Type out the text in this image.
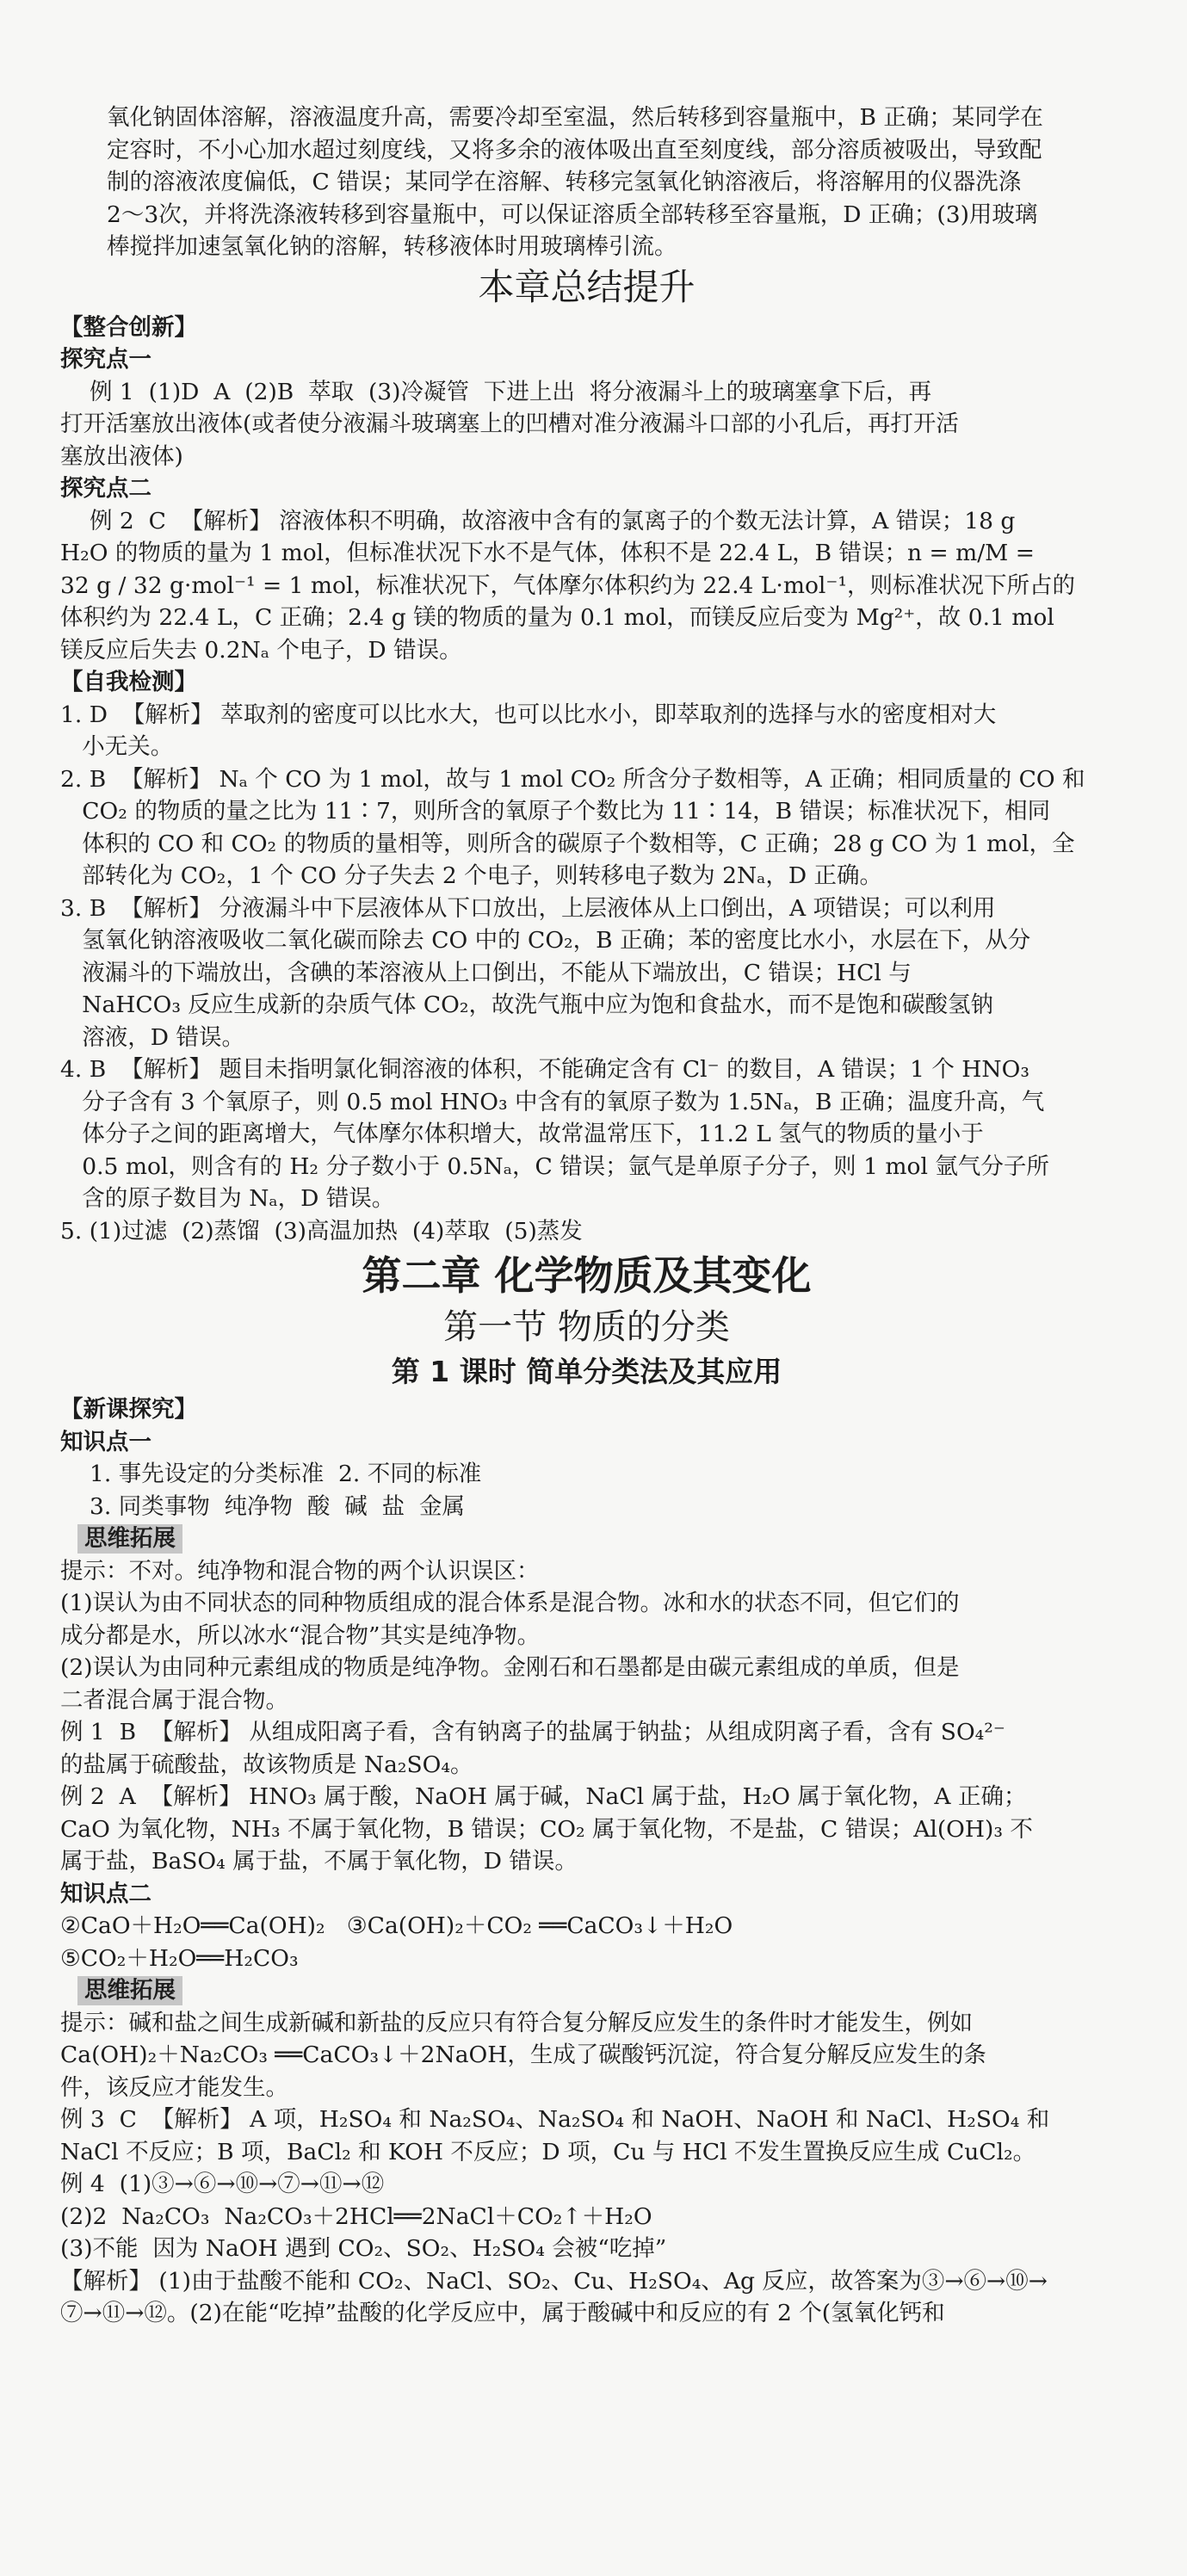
氧化钠固体溶解，溶液温度升高，需要冷却至室温，然后转移到容量瓶中，B 正确；某同学在
定容时，不小心加水超过刻度线，又将多余的液体吸出直至刻度线，部分溶质被吸出，导致配
制的溶液浓度偏低，C 错误；某同学在溶解、转移完氢氧化钠溶液后，将溶解用的仪器洗涤
2～3次，并将洗涤液转移到容量瓶中，可以保证溶质全部转移至容量瓶，D 正确；(3)用玻璃
棒搅拌加速氢氧化钠的溶解，转移液体时用玻璃棒引流。
本章总结提升
【整合创新】
探究点一
例 1  (1)D  A  (2)B  萃取  (3)冷凝管  下进上出  将分液漏斗上的玻璃塞拿下后，再
打开活塞放出液体(或者使分液漏斗玻璃塞上的凹槽对准分液漏斗口部的小孔后，再打开活
塞放出液体)
探究点二
例 2  C  【解析】 溶液体积不明确，故溶液中含有的氯离子的个数无法计算，A 错误；18 g
H₂O 的物质的量为 1 mol，但标准状况下水不是气体，体积不是 22.4 L，B 错误；n = m/M =
32 g / 32 g·mol⁻¹ = 1 mol，标准状况下，气体摩尔体积约为 22.4 L·mol⁻¹，则标准状况下所占的
体积约为 22.4 L，C 正确；2.4 g 镁的物质的量为 0.1 mol，而镁反应后变为 Mg²⁺，故 0.1 mol
镁反应后失去 0.2Nₐ 个电子，D 错误。
【自我检测】
1. D  【解析】 萃取剂的密度可以比水大，也可以比水小，即萃取剂的选择与水的密度相对大
小无关。
2. B  【解析】 Nₐ 个 CO 为 1 mol，故与 1 mol CO₂ 所含分子数相等，A 正确；相同质量的 CO 和
CO₂ 的物质的量之比为 11∶7，则所含的氧原子个数比为 11∶14，B 错误；标准状况下，相同
体积的 CO 和 CO₂ 的物质的量相等，则所含的碳原子个数相等，C 正确；28 g CO 为 1 mol，全
部转化为 CO₂，1 个 CO 分子失去 2 个电子，则转移电子数为 2Nₐ，D 正确。
3. B  【解析】 分液漏斗中下层液体从下口放出，上层液体从上口倒出，A 项错误；可以利用
氢氧化钠溶液吸收二氧化碳而除去 CO 中的 CO₂，B 正确；苯的密度比水小，水层在下，从分
液漏斗的下端放出，含碘的苯溶液从上口倒出，不能从下端放出，C 错误；HCl 与
NaHCO₃ 反应生成新的杂质气体 CO₂，故洗气瓶中应为饱和食盐水，而不是饱和碳酸氢钠
溶液，D 错误。
4. B  【解析】 题目未指明氯化铜溶液的体积，不能确定含有 Cl⁻ 的数目，A 错误；1 个 HNO₃
分子含有 3 个氧原子，则 0.5 mol HNO₃ 中含有的氧原子数为 1.5Nₐ，B 正确；温度升高，气
体分子之间的距离增大，气体摩尔体积增大，故常温常压下，11.2 L 氢气的物质的量小于
0.5 mol，则含有的 H₂ 分子数小于 0.5Nₐ，C 错误；氩气是单原子分子，则 1 mol 氩气分子所
含的原子数目为 Nₐ，D 错误。
5. (1)过滤  (2)蒸馏  (3)高温加热  (4)萃取  (5)蒸发
第二章 化学物质及其变化
第一节 物质的分类
第 1 课时 简单分类法及其应用
【新课探究】
知识点一
1. 事先设定的分类标准  2. 不同的标准
3. 同类事物  纯净物  酸  碱  盐  金属
思维拓展
提示：不对。纯净物和混合物的两个认识误区：
(1)误认为由不同状态的同种物质组成的混合体系是混合物。冰和水的状态不同，但它们的
成分都是水，所以冰水“混合物”其实是纯净物。
(2)误认为由同种元素组成的物质是纯净物。金刚石和石墨都是由碳元素组成的单质，但是
二者混合属于混合物。
例 1  B  【解析】 从组成阳离子看，含有钠离子的盐属于钠盐；从组成阴离子看，含有 SO₄²⁻
的盐属于硫酸盐，故该物质是 Na₂SO₄。
例 2  A  【解析】 HNO₃ 属于酸，NaOH 属于碱，NaCl 属于盐，H₂O 属于氧化物，A 正确；
CaO 为氧化物，NH₃ 不属于氧化物，B 错误；CO₂ 属于氧化物，不是盐，C 错误；Al(OH)₃ 不
属于盐，BaSO₄ 属于盐，不属于氧化物，D 错误。
知识点二
②CaO＋H₂O══Ca(OH)₂   ③Ca(OH)₂＋CO₂ ══CaCO₃↓＋H₂O
⑤CO₂＋H₂O══H₂CO₃
思维拓展
提示：碱和盐之间生成新碱和新盐的反应只有符合复分解反应发生的条件时才能发生，例如
Ca(OH)₂＋Na₂CO₃ ══CaCO₃↓＋2NaOH，生成了碳酸钙沉淀，符合复分解反应发生的条
件，该反应才能发生。
例 3  C  【解析】 A 项，H₂SO₄ 和 Na₂SO₄、Na₂SO₄ 和 NaOH、NaOH 和 NaCl、H₂SO₄ 和
NaCl 不反应；B 项，BaCl₂ 和 KOH 不反应；D 项，Cu 与 HCl 不发生置换反应生成 CuCl₂。
例 4  (1)③→⑥→⑩→⑦→⑪→⑫
(2)2  Na₂CO₃  Na₂CO₃＋2HCl══2NaCl＋CO₂↑＋H₂O
(3)不能  因为 NaOH 遇到 CO₂、SO₂、H₂SO₄ 会被“吃掉”
【解析】 (1)由于盐酸不能和 CO₂、NaCl、SO₂、Cu、H₂SO₄、Ag 反应，故答案为③→⑥→⑩→
⑦→⑪→⑫。(2)在能“吃掉”盐酸的化学反应中，属于酸碱中和反应的有 2 个(氢氧化钙和
